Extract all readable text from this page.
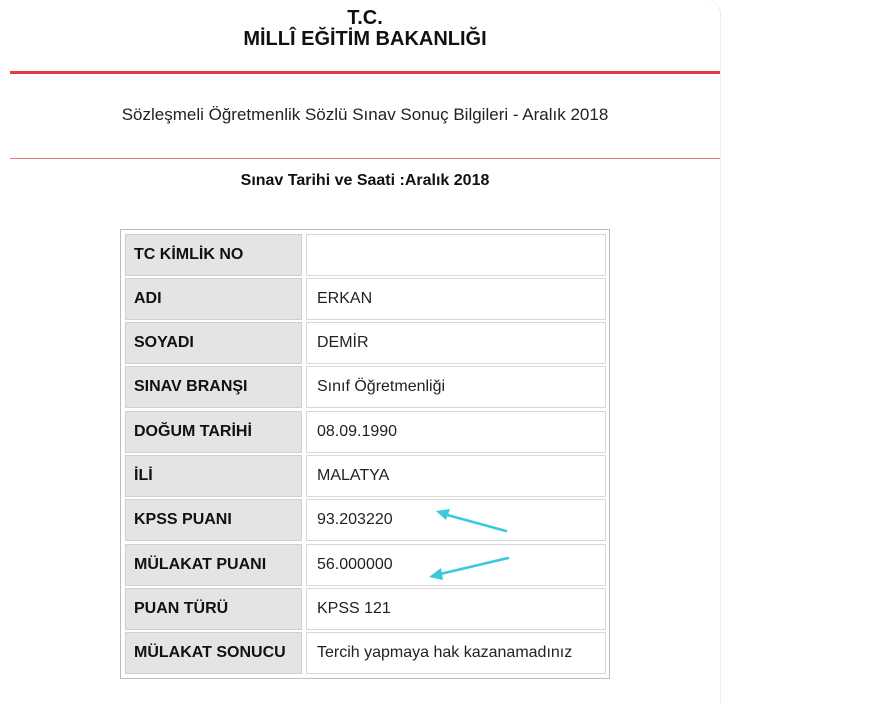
T.C.
MİLLÎ EĞİTİM BAKANLIĞI
Sözleşmeli Öğretmenlik Sözlü Sınav Sonuç Bilgileri - Aralık 2018
Sınav Tarihi ve Saati :Aralık 2018
TC KİMLİK NO
ADI	ERKAN
SOYADI	DEMİR
SINAV BRANŞI	Sınıf Öğretmenliği
DOĞUM TARİHİ	08.09.1990
İLİ	MALATYA
KPSS PUANI	93.203220
MÜLAKAT PUANI	56.000000
PUAN TÜRÜ	KPSS 121
MÜLAKAT SONUCU	Tercih yapmaya hak kazanamadınız
